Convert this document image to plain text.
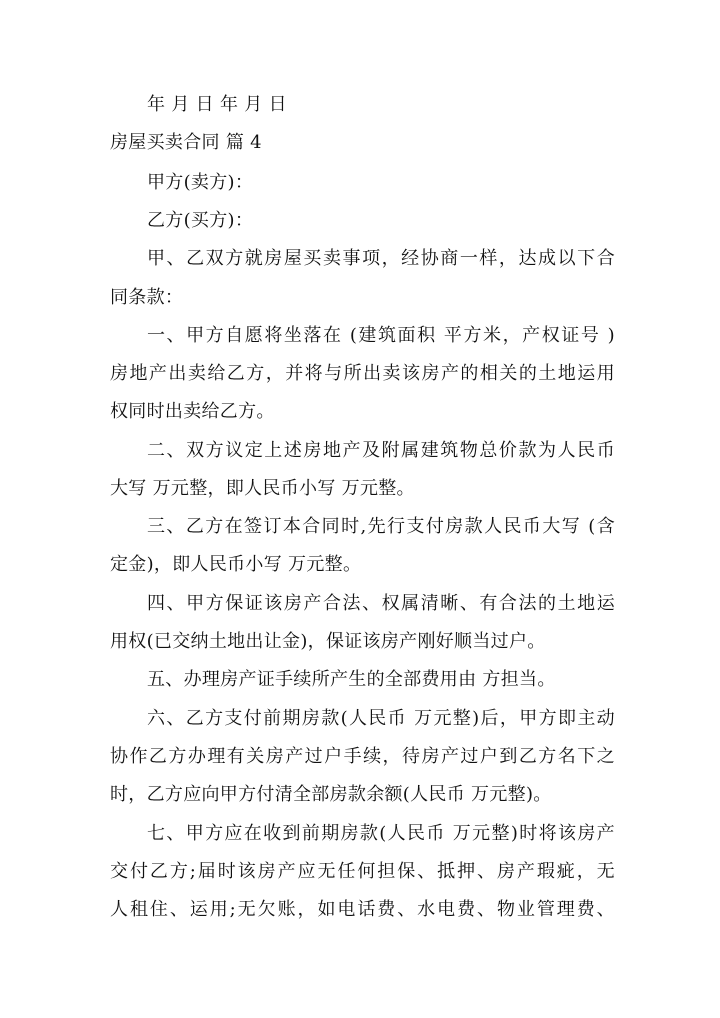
年 月 日 年 月 日
房屋买卖合同 篇 4
甲方(卖方)：
乙方(买方)：
甲、乙双方就房屋买卖事项，经协商一样，达成以下合
同条款：
一、甲方自愿将坐落在 (建筑面积 平方米，产权证号 )
房地产出卖给乙方，并将与所出卖该房产的相关的土地运用
权同时出卖给乙方。
二、双方议定上述房地产及附属建筑物总价款为人民币
大写 万元整，即人民币小写 万元整。
三、乙方在签订本合同时,先行支付房款人民币大写 (含
定金)，即人民币小写 万元整。
四、甲方保证该房产合法、权属清晰、有合法的土地运
用权(已交纳土地出让金)，保证该房产刚好顺当过户。
五、办理房产证手续所产生的全部费用由 方担当。
六、乙方支付前期房款(人民币 万元整)后，甲方即主动
协作乙方办理有关房产过户手续，待房产过户到乙方名下之
时，乙方应向甲方付清全部房款余额(人民币 万元整)。
七、甲方应在收到前期房款(人民币 万元整)时将该房产
交付乙方;届时该房产应无任何担保、抵押、房产瑕疵，无
人租住、运用;无欠账，如电话费、水电费、物业管理费、
